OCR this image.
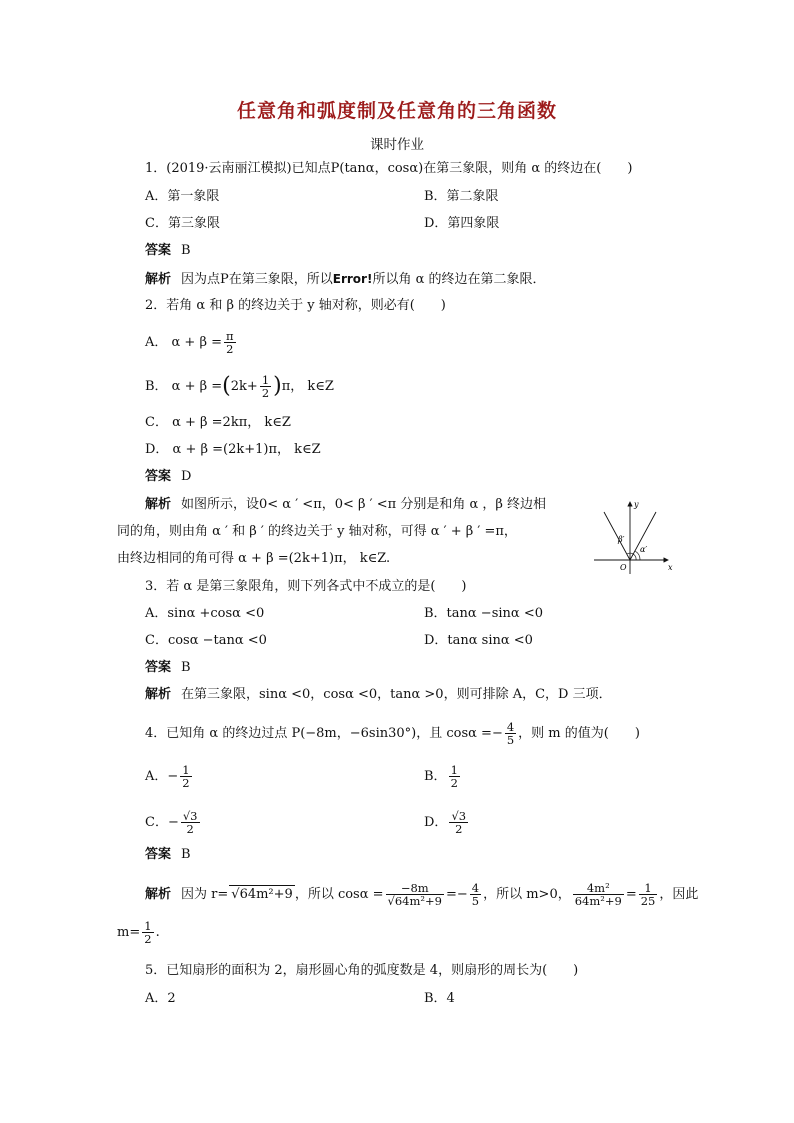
任意角和弧度制及任意角的三角函数
课时作业
1．(2019·云南丽江模拟)已知点P(tanα，cosα)在第三象限，则角 α 的终边在(　　)
A．第一象限	B．第二象限
C．第三象限	D．第四象限
答案 B
解析 因为点P在第三象限，所以Error!所以角 α 的终边在第二象限．
2．若角 α 和 β 的终边关于 y 轴对称，则必有(　　)
A． $\alpha + \beta = \frac{\pi}{2}$
B． $\alpha + \beta =(2k+ \frac{1}{2} )\pi$， k∈Z
C． α + β =2kπ， k∈Z
D． α + β =(2k+1)π， k∈Z
答案 D
解析 如图所示，设0< α ′ <π，0< β ′ <π 分别是和角 α ，β 终边相
同的角，则由角 α ′ 和 β ′ 的终边关于 y 轴对称，可得 α ′ + β ′ =π，
由终边相同的角可得 α + β =(2k+1)π， k∈Z.
y
x
O
β′
α′
3．若 α 是第三象限角，则下列各式中不成立的是(　　)
A．sinα +cosα <0	B．tanα −sinα <0
C．cosα −tanα <0	D．tanα sinα <0
答案 B
解析 在第三象限，sinα <0，cosα <0，tanα >0，则可排除 A，C，D 三项．
4．已知角 α 的终边过点 P(−8m，−6sin30°)，且 $\cos\alpha =- \frac{4}{5}$ ，则 m 的值为(　　)
A．− $\frac{1}{2}$	B． $\frac{1}{2}$
C．− $\frac{√3}{2}$	D． $\frac{√3}{2}$
答案 B
解析 因为 r= √64m²+9 ，所以 $\cos\alpha = \frac{-8m}{\text{√64m²+9}} =- \frac{4}{5}$ ，所以 m>0， $\frac{\text{4m²}}{\text{64m²+9}} = \frac{1}{25}$ ，因此
$m= \frac{1}{2}$ .
5．已知扇形的面积为 2，扇形圆心角的弧度数是 4，则扇形的周长为(　　)
A．2	B．4
